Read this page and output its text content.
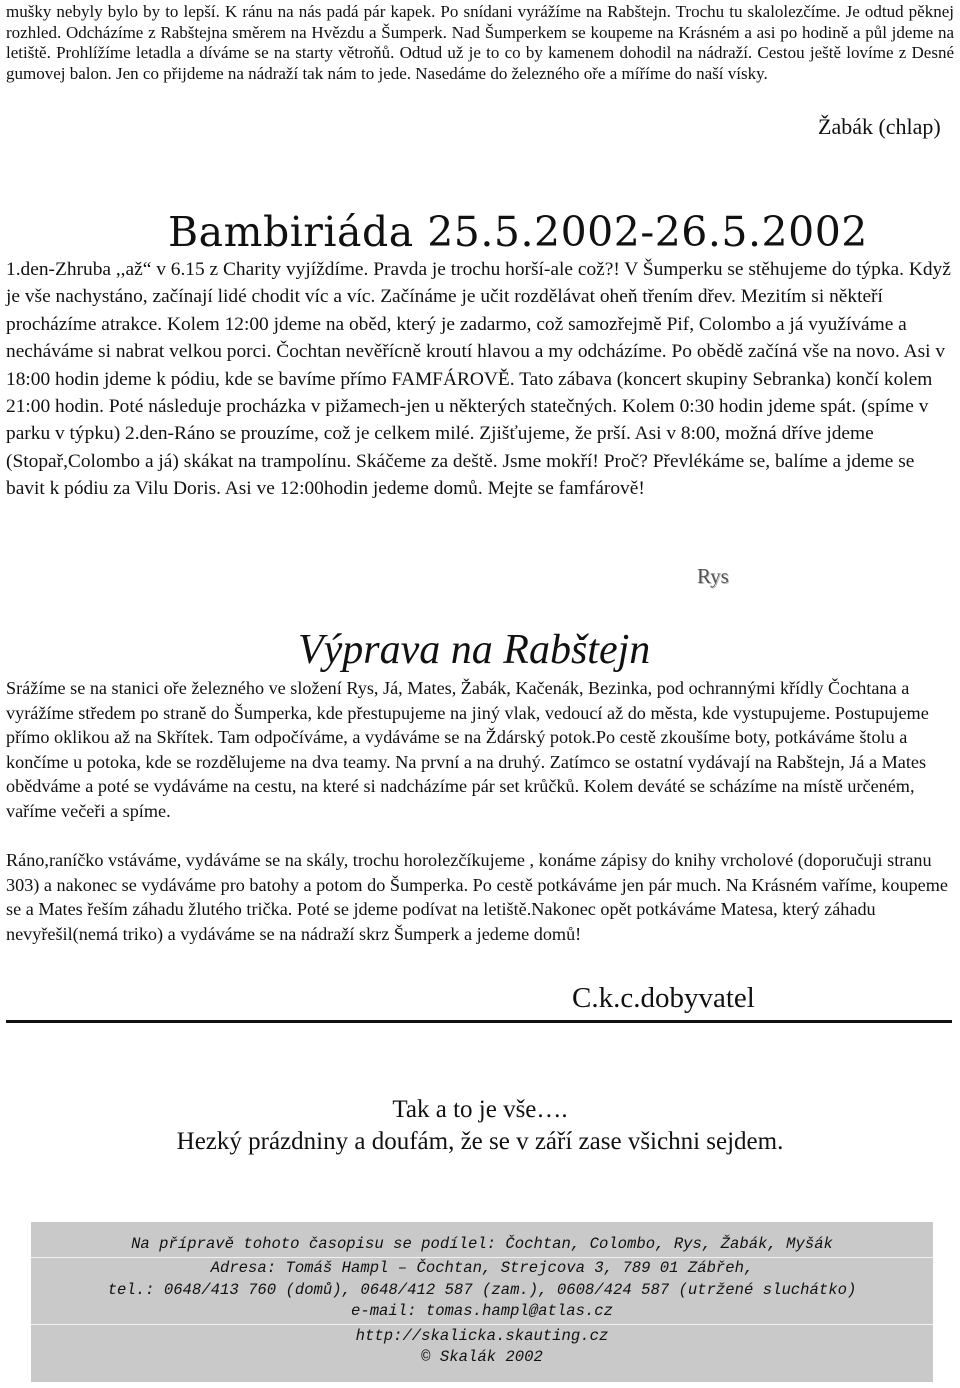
mušky nebyly bylo by to lepší. K ránu na nás padá pár kapek. Po snídani vyrážíme na Rabštejn. Trochu tu skalolezčíme. Je odtud pěknej rozhled. Odcházíme z Rabštejna směrem na Hvězdu a Šumperk. Nad Šumperkem se koupeme na Krásném a asi po hodině a půl jdeme na letiště. Prohlížíme letadla a díváme se na starty větroňů. Odtud už je to co by kamenem dohodil na nádraží. Cestou ještě lovíme z Desné gumovej balon. Jen co přijdeme na nádraží tak nám to jede. Nasedáme do železného oře a míříme do naší vísky.
Žabák (chlap)
Bambiriáda 25.5.2002-26.5.2002
1.den-Zhruba ,,až“ v 6.15 z Charity vyjíždíme. Pravda je trochu horší-ale což?! V Šumperku se stěhujeme do týpka. Když je vše nachystáno, začínají lidé chodit víc a víc. Začínáme je učit rozdělávat oheň třením dřev. Mezitím si někteří procházíme atrakce. Kolem 12:00 jdeme na oběd, který je zadarmo, což samozřejmě Pif, Colombo a já využíváme a necháváme si nabrat velkou porci. Čochtan nevěřícně kroutí hlavou a my odcházíme. Po obědě začíná vše na novo. Asi v 18:00 hodin jdeme k pódiu, kde se bavíme přímo FAMFÁROVĚ. Tato zábava (koncert skupiny Sebranka) končí kolem 21:00 hodin. Poté následuje procházka v pižamech-jen u některých statečných. Kolem 0:30 hodin jdeme spát. (spíme v parku v týpku) 2.den-Ráno se prouzíme, což je celkem milé. Zjišťujeme, že prší. Asi v 8:00, možná dříve jdeme (Stopař,Colombo a já) skákat na trampolínu. Skáčeme za deště. Jsme mokří! Proč? Převlékáme se, balíme a jdeme se bavit k pódiu za Vilu Doris. Asi ve 12:00hodin jedeme domů. Mejte se famfárově!
Rys
Výprava na Rabštejn
Srážíme se na stanici oře železného ve složení Rys, Já, Mates, Žabák, Kačenák, Bezinka, pod ochrannými křídly Čochtana a vyrážíme středem po straně do Šumperka, kde přestupujeme na jiný vlak, vedoucí až do města, kde vystupujeme. Postupujeme přímo oklikou až na Skřítek. Tam odpočíváme, a vydáváme se na Ždárský potok.Po cestě zkoušíme boty, potkáváme štolu a končíme u potoka, kde se rozdělujeme na dva teamy. Na první a na druhý. Zatímco se ostatní vydávají na Rabštejn, Já a Mates obědváme a poté se vydáváme na cestu, na které si nadcházíme pár set krůčků. Kolem deváté se scházíme na místě určeném, vaříme večeři a spíme.
Ráno,raníčko vstáváme, vydáváme se na skály, trochu horolezčíkujeme , konáme zápisy do knihy vrcholové (doporučuji stranu 303) a nakonec se vydáváme pro batohy a potom do Šumperka. Po cestě potkáváme jen pár much. Na Krásném vaříme, koupeme se a Mates řeším záhadu žlutého trička. Poté se jdeme podívat na letiště.Nakonec opět potkáváme Matesa, který záhadu nevyřešil(nemá triko) a vydáváme se na nádraží skrz Šumperk a jedeme domů!
C.k.c.dobyvatel
Tak a to je vše….
Hezký prázdniny a doufám, že se v září zase všichni sejdem.
Na přípravě tohoto časopisu se podílel: Čochtan, Colombo, Rys, Žabák, Myšák
Adresa: Tomáš Hampl – Čochtan, Strejcova 3, 789 01 Zábřeh,
tel.: 0648/413 760 (domů), 0648/412 587 (zam.), 0608/424 587 (utržené sluchátko)
e-mail: tomas.hampl@atlas.cz
http://skalicka.skauting.cz
© Skalák 2002
